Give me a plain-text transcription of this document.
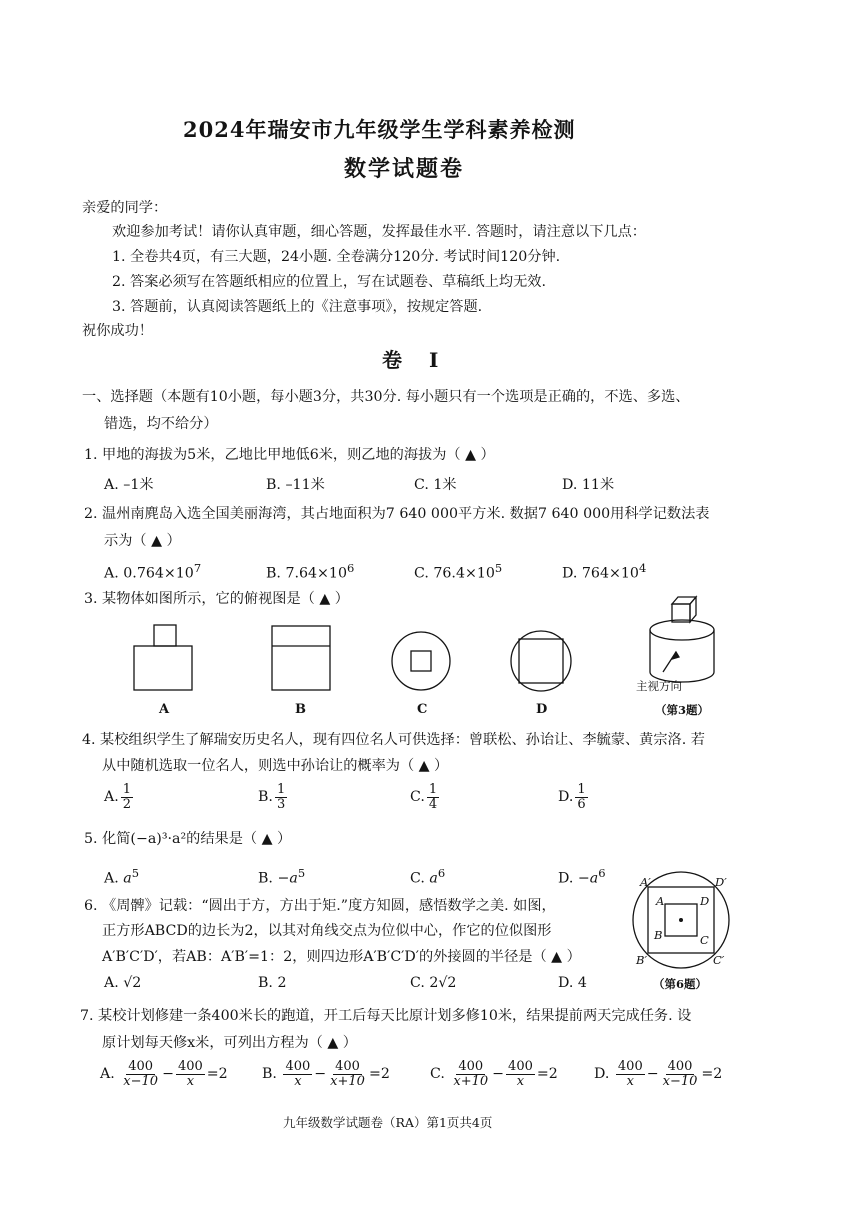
2024年瑞安市九年级学生学科素养检测
数学试题卷
亲爱的同学：
欢迎参加考试！请你认真审题，细心答题，发挥最佳水平. 答题时，请注意以下几点：
1. 全卷共4页，有三大题，24小题. 全卷满分120分. 考试时间120分钟.
2. 答案必须写在答题纸相应的位置上，写在试题卷、草稿纸上均无效.
3. 答题前，认真阅读答题纸上的《注意事项》，按规定答题.
祝你成功！
卷 Ⅰ
一、选择题（本题有10小题，每小题3分，共30分. 每小题只有一个选项是正确的，不选、多选、
错选，均不给分）
1. 甲地的海拔为5米，乙地比甲地低6米，则乙地的海拔为（ ▲ ）
A. –1米	B. –11米	C. 1米	D. 11米
2. 温州南麂岛入选全国美丽海湾，其占地面积为7 640 000平方米. 数据7 640 000用科学记数法表
示为（ ▲ ）
A. $0.764\times 10^7$	B. $7.64\times 10^6$	C. $76.4\times 10^5$	D. $764\times 10^4$
3. 某物体如图所示，它的俯视图是（ ▲ ）
A	B	C	D
主视方向
（第3题）
4. 某校组织学生了解瑞安历史名人，现有四位名人可供选择：曾联松、孙诒让、李毓蒙、黄宗洛. 若
从中随机选取一位名人，则选中孙诒让的概率为（ ▲ ）
A. $\frac{1}{2}$	B. $\frac{1}{3}$	C. $\frac{1}{4}$	D. $\frac{1}{6}$
5. 化简(−a)³·a²的结果是（ ▲ ）
A. $a^5$	B. $-a^5$	C. $a^6$	D. $-a^6$
6. 《周髀》记载：“圆出于方，方出于矩.”度方知圆，感悟数学之美. 如图，
正方形ABCD的边长为2，以其对角线交点为位似中心，作它的位似图形
A′B′C′D′，若AB：A′B′=1：2，则四边形A′B′C′D′的外接圆的半径是（ ▲ ）
A. √2	B. 2	C. 2√2	D. 4
A′	D′
A	D
B	C
B′	C′
（第6题）
7. 某校计划修建一条400米长的跑道，开工后每天比原计划多修10米，结果提前两天完成任务. 设
原计划每天修x米，可列出方程为（ ▲ ）
A. $\frac{400}{x-10} - \frac{400}{x} =2$ B. $\frac{400}{x} - \frac{400}{x+10} =2$	C. $\frac{400}{x+10} - \frac{400}{x} =2$	D. $\frac{400}{x} - \frac{400}{x-10} =2$
九年级数学试题卷（RA）第1页共4页
